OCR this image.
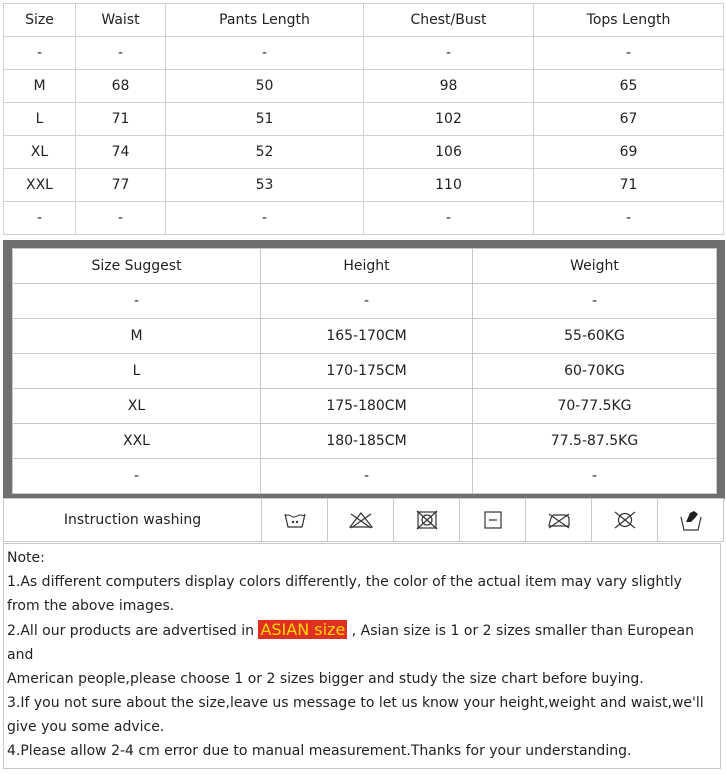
Size	Waist	Pants Length	Chest/Bust	Tops Length
-	-	-	-	-
M	68	50	98	65
L	71	51	102	67
XL	74	52	106	69
XXL	77	53	110	71
-	-	-	-	-
Size Suggest	Height	Weight
-	-	-
M	165-170CM	55-60KG
L	170-175CM	60-70KG
XL	175-180CM	70-77.5KG
XXL	180-185CM	77.5-87.5KG
-	-	-
Instruction washing	

Note:

1.As different computers display colors differently, the color of the actual item may vary slightly from the above images.

2.All our products are advertised in ASIAN size , Asian size is 1 or 2 sizes smaller than European and

American people,please choose 1 or 2 sizes bigger and study the size chart before buying.

3.If you not sure about the size,leave us message to let us know your height,weight and waist,we'll give you some advice.

4.Please allow 2-4 cm error due to manual measurement.Thanks for your understanding.
